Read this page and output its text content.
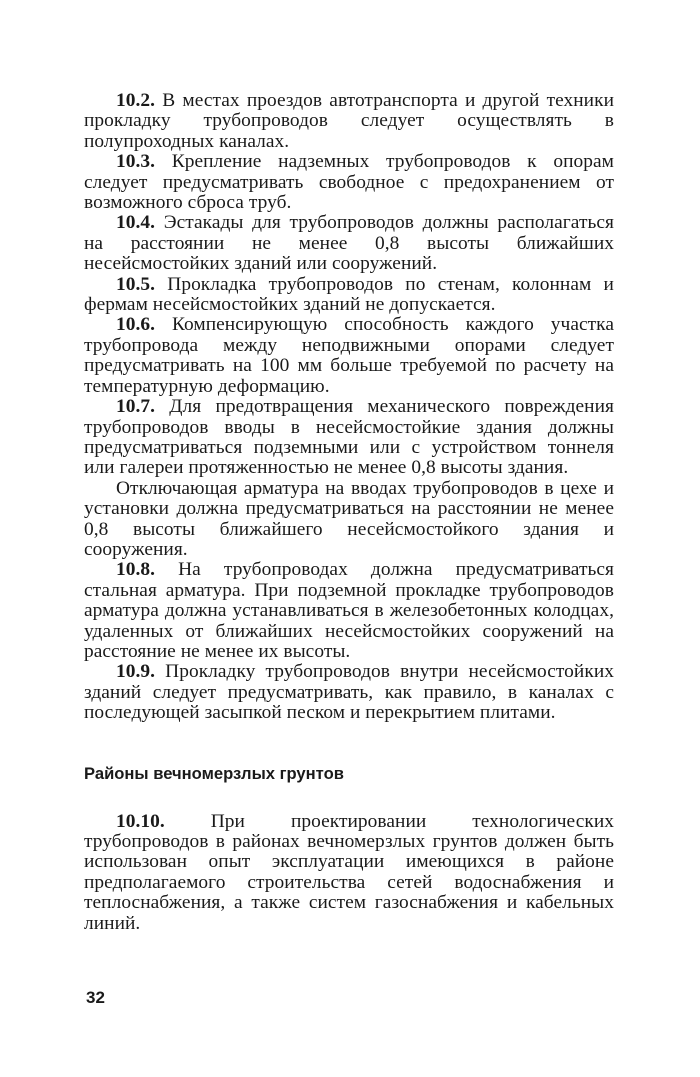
10.2. В местах проездов автотранспорта и другой техники прокладку трубопроводов следует осуществлять в полупроходных каналах.

10.3. Крепление надземных трубопроводов к опорам следует предусматривать свободное с предохранением от возможного сброса труб.

10.4. Эстакады для трубопроводов должны располагаться на расстоянии не менее 0,8 высоты ближайших несейсмостойких зданий или сооружений.

10.5. Прокладка трубопроводов по стенам, колоннам и фермам несейсмостойких зданий не допускается.

10.6. Компенсирующую способность каждого участка трубопровода между неподвижными опорами следует предусматривать на 100 мм больше требуемой по расчету на температурную деформацию.

10.7. Для предотвращения механического повреждения трубопроводов вводы в несейсмостойкие здания должны предусматриваться подземными или с устройством тоннеля или галереи протяженностью не менее 0,8 высоты здания.

Отключающая арматура на вводах трубопроводов в цехе и установки должна предусматриваться на расстоянии не менее 0,8 высоты ближайшего несейсмостойкого здания и сооружения.

10.8. На трубопроводах должна предусматриваться стальная арматура. При подземной прокладке трубопроводов арматура должна устанавливаться в железобетонных колодцах, удаленных от ближайших несейсмостойких сооружений на расстояние не менее их высоты.

10.9. Прокладку трубопроводов внутри несейсмостойких зданий следует предусматривать, как правило, в каналах с последующей засыпкой песком и перекрытием плитами.

Районы вечномерзлых грунтов

10.10. При проектировании технологических трубопроводов в районах вечномерзлых грунтов должен быть использован опыт эксплуатации имеющихся в районе предполагаемого строительства сетей водоснабжения и теплоснабжения, а также систем газоснабжения и кабельных линий.

32
